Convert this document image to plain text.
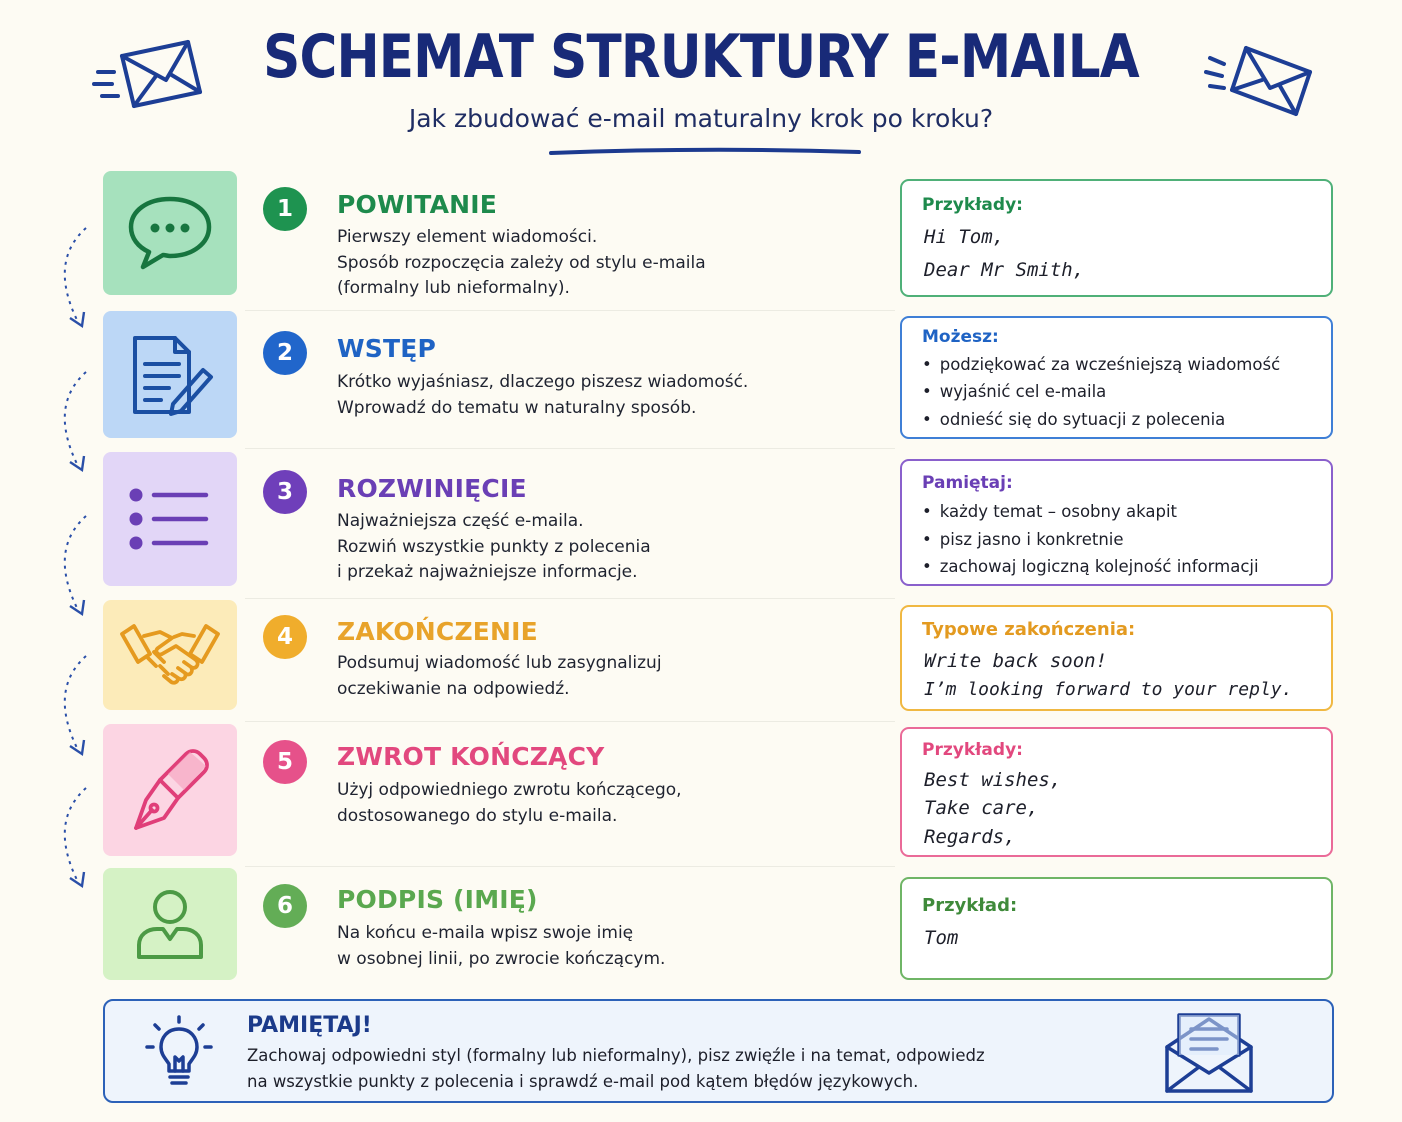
SCHEMAT STRUKTURY E-MAILA

Jak zbudować e-mail maturalny krok po kroku?

1	POWITANIE
Pierwszy element wiadomości.
Sposób rozpoczęcia zależy od stylu e-maila
(formalny lub nieformalny).

Przykłady:

Hi Tom,

Dear Mr Smith,

2	WSTĘP
Krótko wyjaśniasz, dlaczego piszesz wiadomość.
Wprowadź do tematu w naturalny sposób.

Możesz:

• podziękować za wcześniejszą wiadomość

• wyjaśnić cel e-maila

• odnieść się do sytuacji z polecenia

3	ROZWINIĘCIE
Najważniejsza część e-maila.
Rozwiń wszystkie punkty z polecenia
i przekaż najważniejsze informacje.

Pamiętaj:

• każdy temat – osobny akapit

• pisz jasno i konkretnie

• zachowaj logiczną kolejność informacji

4	ZAKOŃCZENIE
Podsumuj wiadomość lub zasygnalizuj
oczekiwanie na odpowiedź.

Typowe zakończenia:

Write back soon!

I’m looking forward to your reply.

5	ZWROT KOŃCZĄCY
Użyj odpowiedniego zwrotu kończącego,
dostosowanego do stylu e-maila.

Przykłady:

Best wishes,

Take care,

Regards,

6	PODPIS (IMIĘ)
Na końcu e-maila wpisz swoje imię
w osobnej linii, po zwrocie kończącym.

Przykład:

Tom

PAMIĘTAJ!

Zachowaj odpowiedni styl (formalny lub nieformalny), pisz zwięźle i na temat, odpowiedz
na wszystkie punkty z polecenia i sprawdź e-mail pod kątem błędów językowych.
